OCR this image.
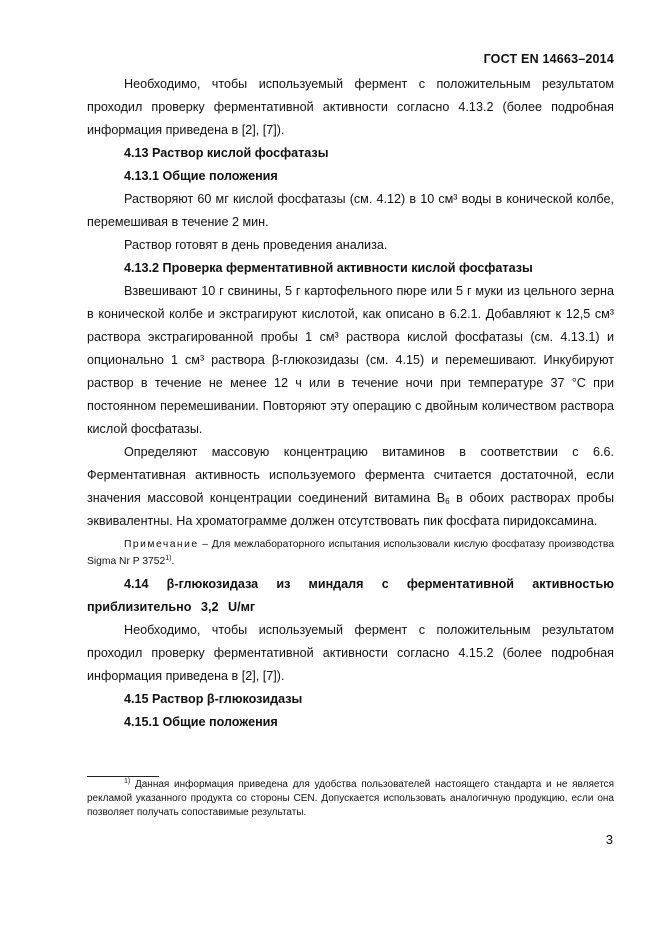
ГОСТ EN 14663–2014

Необходимо, чтобы используемый фермент с положительным результатом проходил проверку ферментативной активности согласно 4.13.2 (более подробная информация приведена в [2], [7]).

4.13 Раствор кислой фосфатазы

4.13.1 Общие положения

Растворяют 60 мг кислой фосфатазы (см. 4.12) в 10 см³ воды в конической колбе, перемешивая в течение 2 мин.

Раствор готовят в день проведения анализа.

4.13.2 Проверка ферментативной активности кислой фосфатазы

Взвешивают 10 г свинины, 5 г картофельного пюре или 5 г муки из цельного зерна в конической колбе и экстрагируют кислотой, как описано в 6.2.1. Добавляют к 12,5 см³ раствора экстрагированной пробы 1 см³ раствора кислой фосфатазы (см. 4.13.1) и опционально 1 см³ раствора β-глюкозидазы (см. 4.15) и перемешивают. Инкубируют раствор в течение не менее 12 ч или в течение ночи при температуре 37 °С при постоянном перемешивании. Повторяют эту операцию с двойным количеством раствора кислой фосфатазы.

Определяют массовую концентрацию витаминов в соответствии с 6.6. Ферментативная активность используемого фермента считается достаточной, если значения массовой концентрации соединений витамина $В_6$ в обоих растворах пробы эквивалентны. На хроматограмме должен отсутствовать пик фосфата пиридоксамина.

Примечание – Для межлабораторного испытания использовали кислую фосфатазу производства Sigma Nr P 3752$^{1)}$.

4.14 β-глюкозидаза из миндаля с ферментативной активностью приблизительно 3,2 U/мг

Необходимо, чтобы используемый фермент с положительным результатом проходил проверку ферментативной активности согласно 4.15.2 (более подробная информация приведена в [2], [7]).

4.15 Раствор β-глюкозидазы

4.15.1 Общие положения

$^{1)}$ Данная информация приведена для удобства пользователей настоящего стандарта и не является рекламой указанного продукта со стороны CEN. Допускается использовать аналогичную продукцию, если она позволяет получать сопоставимые результаты.

3
